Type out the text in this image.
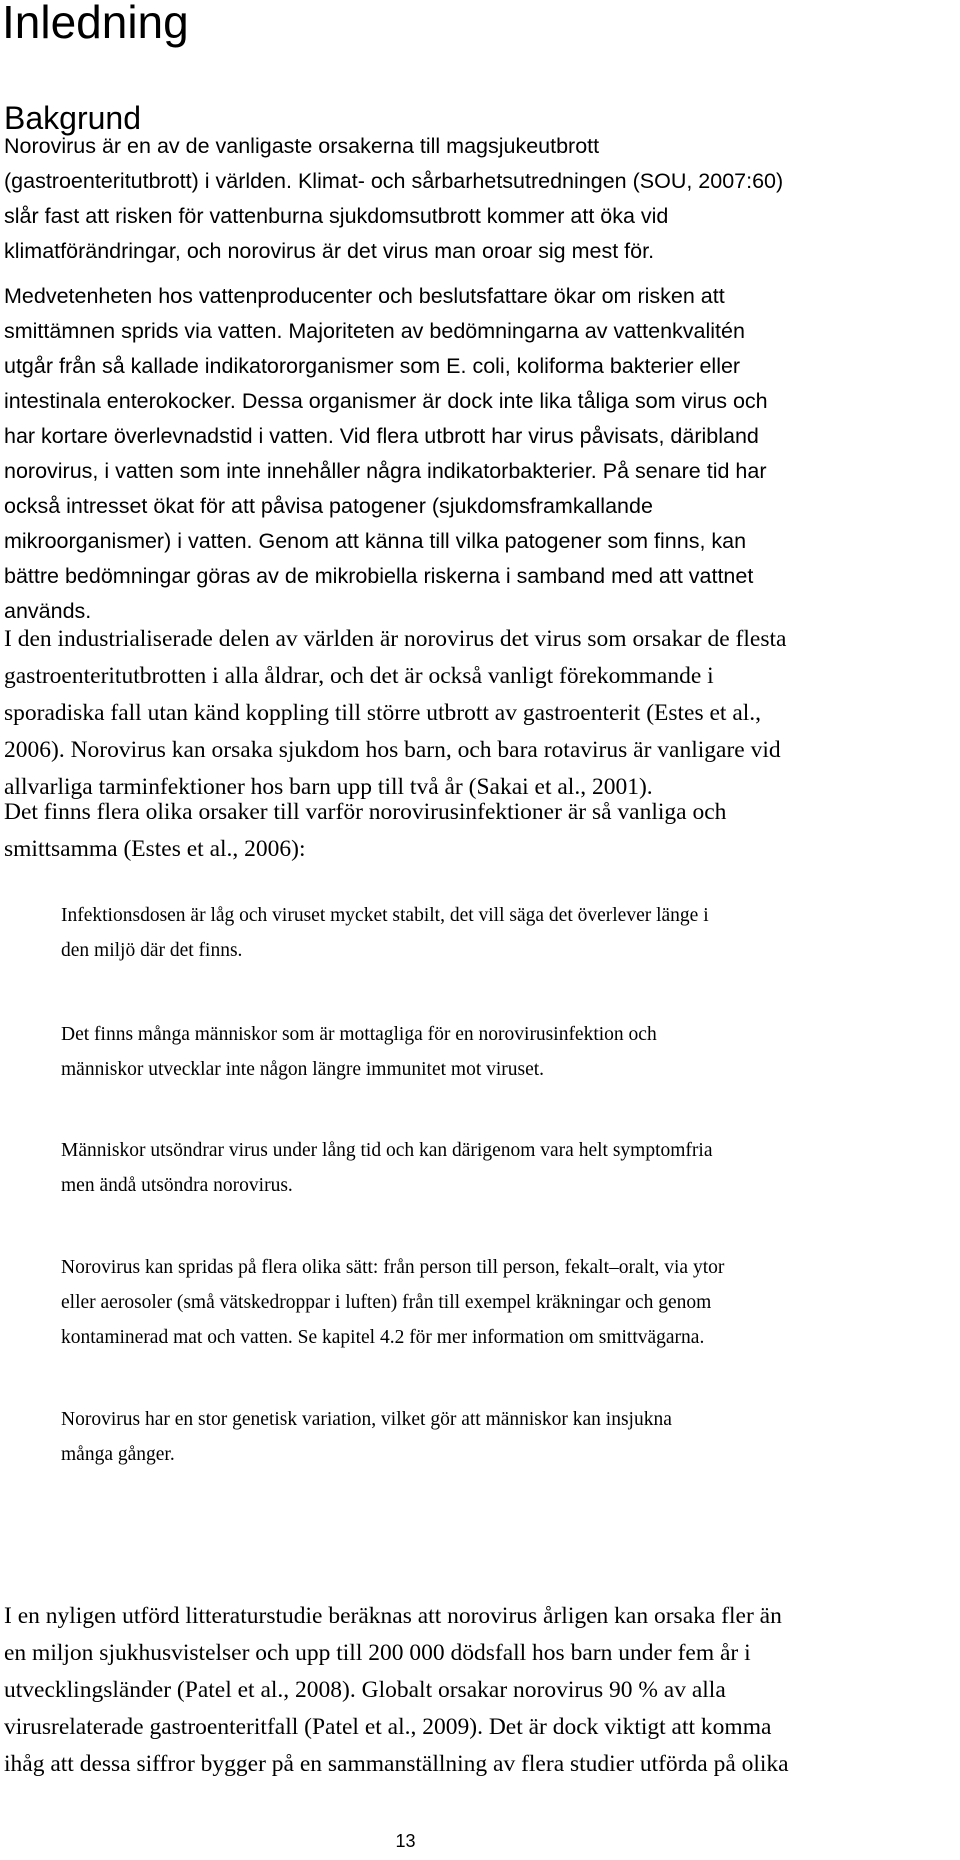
Inledning
Bakgrund

Norovirus är en av de vanligaste orsakerna till magsjukeutbrott
(gastroenteritutbrott) i världen. Klimat- och sårbarhetsutredningen (SOU, 2007:60)
slår fast att risken för vattenburna sjukdomsutbrott kommer att öka vid
klimatförändringar, och norovirus är det virus man oroar sig mest för.

Medvetenheten hos vattenproducenter och beslutsfattare ökar om risken att
smittämnen sprids via vatten. Majoriteten av bedömningarna av vattenkvalitén
utgår från så kallade indikatororganismer som E. coli, koliforma bakterier eller
intestinala enterokocker. Dessa organismer är dock inte lika tåliga som virus och
har kortare överlevnadstid i vatten. Vid flera utbrott har virus påvisats, däribland
norovirus, i vatten som inte innehåller några indikatorbakterier. På senare tid har
också intresset ökat för att påvisa patogener (sjukdomsframkallande
mikroorganismer) i vatten. Genom att känna till vilka patogener som finns, kan
bättre bedömningar göras av de mikrobiella riskerna i samband med att vattnet
används.

I den industrialiserade delen av världen är norovirus det virus som orsakar de flesta
gastroenteritutbrotten i alla åldrar, och det är också vanligt förekommande i
sporadiska fall utan känd koppling till större utbrott av gastroenterit (Estes et al.,
2006). Norovirus kan orsaka sjukdom hos barn, och bara rotavirus är vanligare vid
allvarliga tarminfektioner hos barn upp till två år (Sakai et al., 2001).

Det finns flera olika orsaker till varför norovirusinfektioner är så vanliga och
smittsamma (Estes et al., 2006):

Infektionsdosen är låg och viruset mycket stabilt, det vill säga det överlever länge i
den miljö där det finns.

Det finns många människor som är mottagliga för en norovirusinfektion och
människor utvecklar inte någon längre immunitet mot viruset.

Människor utsöndrar virus under lång tid och kan därigenom vara helt symptomfria
men ändå utsöndra norovirus.

Norovirus kan spridas på flera olika sätt: från person till person, fekalt–oralt, via ytor
eller aerosoler (små vätskedroppar i luften) från till exempel kräkningar och genom
kontaminerad mat och vatten. Se kapitel 4.2 för mer information om smittvägarna.

Norovirus har en stor genetisk variation, vilket gör att människor kan insjukna
många gånger.

I en nyligen utförd litteraturstudie beräknas att norovirus årligen kan orsaka fler än
en miljon sjukhusvistelser och upp till 200 000 dödsfall hos barn under fem år i
utvecklingsländer (Patel et al., 2008). Globalt orsakar norovirus 90 % av alla
virusrelaterade gastroenteritfall (Patel et al., 2009). Det är dock viktigt att komma
ihåg att dessa siffror bygger på en sammanställning av flera studier utförda på olika

13
